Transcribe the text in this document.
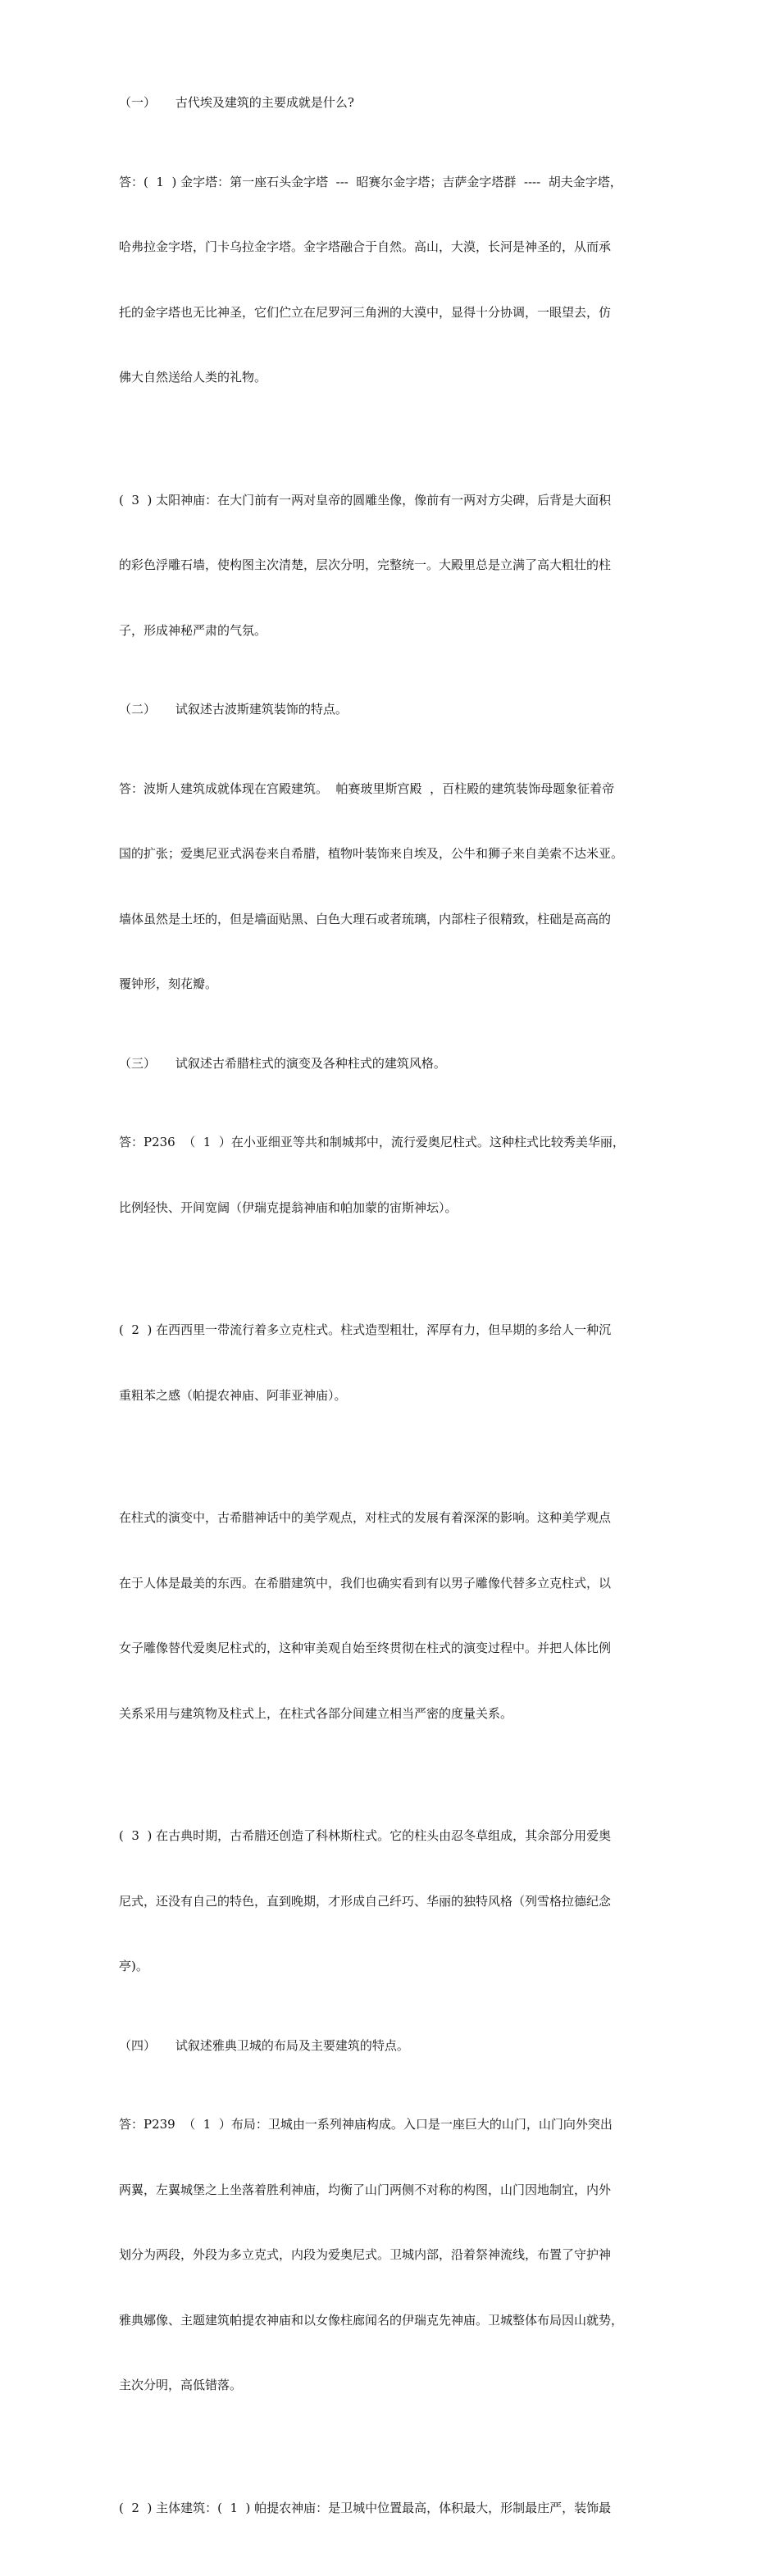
（一）     古代埃及建筑的主要成就是什么?

答：(  1  ) 金字塔：第一座石头金字塔  ---  昭赛尔金字塔；吉萨金字塔群  ----  胡夫金字塔，

哈弗拉金字塔，门卡乌拉金字塔。金字塔融合于自然。高山，大漠，长河是神圣的，从而承

托的金字塔也无比神圣，它们伫立在尼罗河三角洲的大漠中，显得十分协调，一眼望去，仿

佛大自然送给人类的礼物。

(  3  ) 太阳神庙：在大门前有一两对皇帝的圆雕坐像，像前有一两对方尖碑，后背是大面积

的彩色浮雕石墙，使构图主次清楚，层次分明，完整统一。大殿里总是立满了高大粗壮的柱

子，形成神秘严肃的气氛。

（二）     试叙述古波斯建筑装饰的特点。

答：波斯人建筑成就体现在宫殿建筑。  帕赛玻里斯宫殿  ，百柱殿的建筑装饰母题象征着帝

国的扩张；爱奥尼亚式涡卷来自希腊，植物叶装饰来自埃及，公牛和狮子来自美索不达米亚。

墙体虽然是土坯的，但是墙面贴黑、白色大理石或者琉璃，内部柱子很精致，柱础是高高的

覆钟形，刻花瓣。

（三）     试叙述古希腊柱式的演变及各种柱式的建筑风格。

答：P236  （  1  ）在小亚细亚等共和制城邦中，流行爱奥尼柱式。这种柱式比较秀美华丽，

比例轻快、开间宽阔（伊瑞克提翁神庙和帕加蒙的宙斯神坛）。

(  2  ) 在西西里一带流行着多立克柱式。柱式造型粗壮，浑厚有力，但早期的多给人一种沉

重粗苯之感（帕提农神庙、阿菲亚神庙）。

在柱式的演变中，古希腊神话中的美学观点，对柱式的发展有着深深的影响。这种美学观点

在于人体是最美的东西。在希腊建筑中，我们也确实看到有以男子雕像代替多立克柱式，以

女子雕像替代爱奥尼柱式的，这种审美观自始至终贯彻在柱式的演变过程中。并把人体比例

关系采用与建筑物及柱式上，在柱式各部分间建立相当严密的度量关系。

(  3  ) 在古典时期，古希腊还创造了科林斯柱式。它的柱头由忍冬草组成，其余部分用爱奥

尼式，还没有自己的特色，直到晚期，才形成自己纤巧、华丽的独特风格（列雪格拉德纪念

亭)。

（四）     试叙述雅典卫城的布局及主要建筑的特点。

答：P239  （  1  ）布局：卫城由一系列神庙构成。入口是一座巨大的山门，山门向外突出

两翼，左翼城堡之上坐落着胜利神庙，均衡了山门两侧不对称的构图，山门因地制宜，内外

划分为两段，外段为多立克式，内段为爱奥尼式。卫城内部，沿着祭神流线，布置了守护神

雅典娜像、主题建筑帕提农神庙和以女像柱廊闻名的伊瑞克先神庙。卫城整体布局因山就势，

主次分明，高低错落。

(  2  ) 主体建筑：(  1  ) 帕提农神庙：是卫城中位置最高，体积最大，形制最庄严，装饰最
